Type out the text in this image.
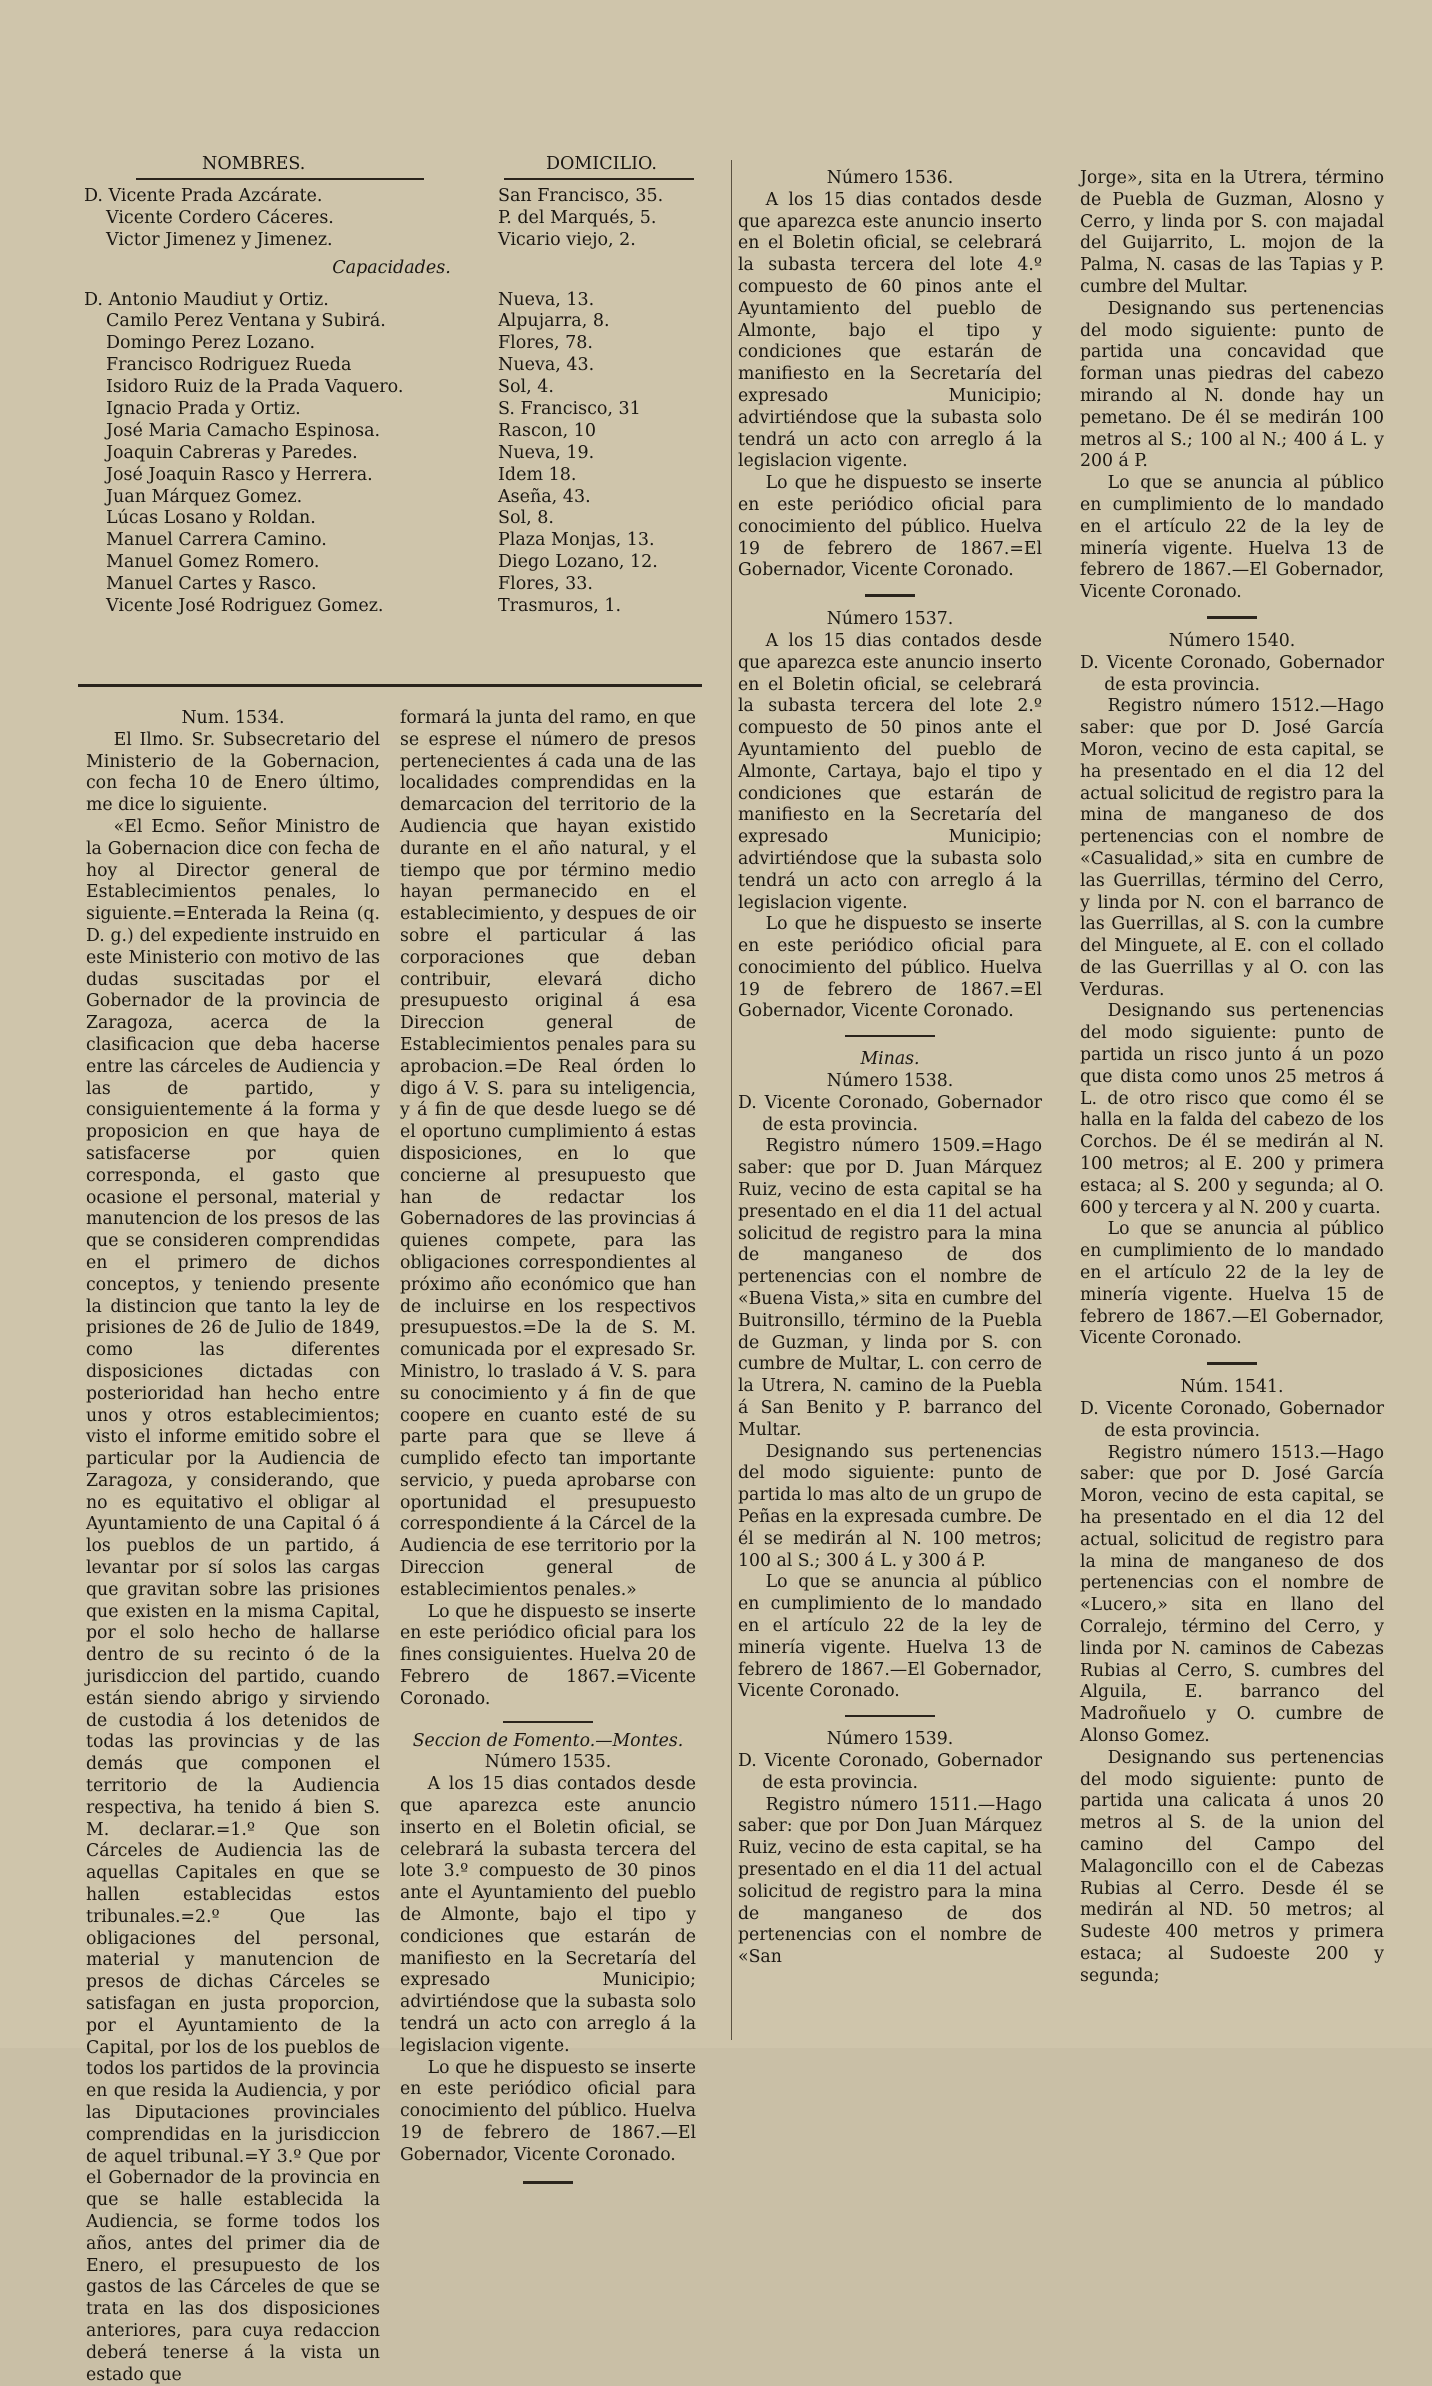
NOMBRES.	DOMICILIO.
D. Vicente Prada Azcárate.	San Francisco, 35.
Vicente Cordero Cáceres.	P. del Marqués, 5.
Victor Jimenez y Jimenez.	Vicario viejo, 2.
Capacidades.
D. Antonio Maudiut y Ortiz.	Nueva, 13.
Camilo Perez Ventana y Subirá.	Alpujarra, 8.
Domingo Perez Lozano.	Flores, 78.
Francisco Rodriguez Rueda	Nueva, 43.
Isidoro Ruiz de la Prada Vaquero.	Sol, 4.
Ignacio Prada y Ortiz.	S. Francisco, 31
José Maria Camacho Espinosa.	Rascon, 10
Joaquin Cabreras y Paredes.	Nueva, 19.
José Joaquin Rasco y Herrera.	Idem 18.
Juan Márquez Gomez.	Aseña, 43.
Lúcas Losano y Roldan.	Sol, 8.
Manuel Carrera Camino.	Plaza Monjas, 13.
Manuel Gomez Romero.	Diego Lozano, 12.
Manuel Cartes y Rasco.	Flores, 33.
Vicente José Rodriguez Gomez.	Trasmuros, 1.

Num. 1534.

El Ilmo. Sr. Subsecretario del Ministerio de la Gobernacion, con fecha 10 de Enero último, me dice lo siguiente.

«El Ecmo. Señor Ministro de la Gobernacion dice con fecha de hoy al Director general de Establecimientos penales, lo siguiente.=Enterada la Reina (q. D. g.) del expediente instruido en este Ministerio con motivo de las dudas suscitadas por el Gobernador de la provincia de Zaragoza, acerca de la clasificacion que deba hacerse entre las cárceles de Audiencia y las de partido, y consiguientemente á la forma y proposicion en que haya de satisfacerse por quien corresponda, el gasto que ocasione el personal, material y manutencion de los presos de las que se consideren comprendidas en el primero de dichos conceptos, y teniendo presente la distincion que tanto la ley de prisiones de 26 de Julio de 1849, como las diferentes disposiciones dictadas con posterioridad han hecho entre unos y otros establecimientos; visto el informe emitido sobre el particular por la Audiencia de Zaragoza, y considerando, que no es equitativo el obligar al Ayuntamiento de una Capital ó á los pueblos de un partido, á levantar por sí solos las cargas que gravitan sobre las prisiones que existen en la misma Capital, por el solo hecho de hallarse dentro de su recinto ó de la jurisdiccion del partido, cuando están siendo abrigo y sirviendo de custodia á los detenidos de todas las provincias y de las demás que componen el territorio de la Audiencia respectiva, ha tenido á bien S. M. declarar.=1.º Que son Cárceles de Audiencia las de aquellas Capitales en que se hallen establecidas estos tribunales.=2.º Que las obligaciones del personal, material y manutencion de presos de dichas Cárceles se satisfagan en justa proporcion, por el Ayuntamiento de la Capital, por los de los pueblos de todos los partidos de la provincia en que resida la Audiencia, y por las Diputaciones provinciales comprendidas en la jurisdiccion de aquel tribunal.=Y 3.º Que por el Gobernador de la provincia en que se halle establecida la Audiencia, se forme todos los años, antes del primer dia de Enero, el presupuesto de los gastos de las Cárceles de que se trata en las dos disposiciones anteriores, para cuya redaccion deberá tenerse á la vista un estado que

formará la junta del ramo, en que se esprese el número de presos pertenecientes á cada una de las localidades comprendidas en la demarcacion del territorio de la Audiencia que hayan existido durante en el año natural, y el tiempo que por término medio hayan permanecido en el establecimiento, y despues de oir sobre el particular á las corporaciones que deban contribuir, elevará dicho presupuesto original á esa Direccion general de Establecimientos penales para su aprobacion.=De Real órden lo digo á V. S. para su inteligencia, y á fin de que desde luego se dé el oportuno cumplimiento á estas disposiciones, en lo que concierne al presupuesto que han de redactar los Gobernadores de las provincias á quienes compete, para las obligaciones correspondientes al próximo año económico que han de incluirse en los respectivos presupuestos.=De la de S. M. comunicada por el expresado Sr. Ministro, lo traslado á V. S. para su conocimiento y á fin de que coopere en cuanto esté de su parte para que se lleve á cumplido efecto tan importante servicio, y pueda aprobarse con oportunidad el presupuesto correspondiente á la Cárcel de la Audiencia de ese territorio por la Direccion general de establecimientos penales.»

Lo que he dispuesto se inserte en este periódico oficial para los fines consiguientes. Huelva 20 de Febrero de 1867.=Vicente Coronado.

Seccion de Fomento.—Montes.

Número 1535.

A los 15 dias contados desde que aparezca este anuncio inserto en el Boletin oficial, se celebrará la subasta tercera del lote 3.º compuesto de 30 pinos ante el Ayuntamiento del pueblo de Almonte, bajo el tipo y condiciones que estarán de manifiesto en la Secretaría del expresado Municipio; advirtiéndose que la subasta solo tendrá un acto con arreglo á la legislacion vigente.

Lo que he dispuesto se inserte en este periódico oficial para conocimiento del público. Huelva 19 de febrero de 1867.—El Gobernador, Vicente Coronado.

Número 1536.

A los 15 dias contados desde que aparezca este anuncio inserto en el Boletin oficial, se celebrará la subasta tercera del lote 4.º compuesto de 60 pinos ante el Ayuntamiento del pueblo de Almonte, bajo el tipo y condiciones que estarán de manifiesto en la Secretaría del expresado Municipio; advirtiéndose que la subasta solo tendrá un acto con arreglo á la legislacion vigente.

Lo que he dispuesto se inserte en este periódico oficial para conocimiento del público. Huelva 19 de febrero de 1867.=El Gobernador, Vicente Coronado.

Número 1537.

A los 15 dias contados desde que aparezca este anuncio inserto en el Boletin oficial, se celebrará la subasta tercera del lote 2.º compuesto de 50 pinos ante el Ayuntamiento del pueblo de Almonte, Cartaya, bajo el tipo y condiciones que estarán de manifiesto en la Secretaría del expresado Municipio; advirtiéndose que la subasta solo tendrá un acto con arreglo á la legislacion vigente.

Lo que he dispuesto se inserte en este periódico oficial para conocimiento del público. Huelva 19 de febrero de 1867.=El Gobernador, Vicente Coronado.

Minas.

Número 1538.

D. Vicente Coronado, Gobernador de esta provincia.

Registro número 1509.=Hago saber: que por D. Juan Márquez Ruiz, vecino de esta capital se ha presentado en el dia 11 del actual solicitud de registro para la mina de manganeso de dos pertenencias con el nombre de «Buena Vista,» sita en cumbre del Buitronsillo, término de la Puebla de Guzman, y linda por S. con cumbre de Multar, L. con cerro de la Utrera, N. camino de la Puebla á San Benito y P. barranco del Multar.

Designando sus pertenencias del modo siguiente: punto de partida lo mas alto de un grupo de Peñas en la expresada cumbre. De él se medirán al N. 100 metros; 100 al S.; 300 á L. y 300 á P.

Lo que se anuncia al público en cumplimiento de lo mandado en el artículo 22 de la ley de minería vigente. Huelva 13 de febrero de 1867.—El Gobernador, Vicente Coronado.

Número 1539.

D. Vicente Coronado, Gobernador de esta provincia.

Registro número 1511.—Hago saber: que por Don Juan Márquez Ruiz, vecino de esta capital, se ha presentado en el dia 11 del actual solicitud de registro para la mina de manganeso de dos pertenencias con el nombre de «San

Jorge», sita en la Utrera, término de Puebla de Guzman, Alosno y Cerro, y linda por S. con majadal del Guijarrito, L. mojon de la Palma, N. casas de las Tapias y P. cumbre del Multar.

Designando sus pertenencias del modo siguiente: punto de partida una concavidad que forman unas piedras del cabezo mirando al N. donde hay un pemetano. De él se medirán 100 metros al S.; 100 al N.; 400 á L. y 200 á P.

Lo que se anuncia al público en cumplimiento de lo mandado en el artículo 22 de la ley de minería vigente. Huelva 13 de febrero de 1867.—El Gobernador, Vicente Coronado.

Número 1540.

D. Vicente Coronado, Gobernador de esta provincia.

Registro número 1512.—Hago saber: que por D. José García Moron, vecino de esta capital, se ha presentado en el dia 12 del actual solicitud de registro para la mina de manganeso de dos pertenencias con el nombre de «Casualidad,» sita en cumbre de las Guerrillas, término del Cerro, y linda por N. con el barranco de las Guerrillas, al S. con la cumbre del Minguete, al E. con el collado de las Guerrillas y al O. con las Verduras.

Designando sus pertenencias del modo siguiente: punto de partida un risco junto á un pozo que dista como unos 25 metros á L. de otro risco que como él se halla en la falda del cabezo de los Corchos. De él se medirán al N. 100 metros; al E. 200 y primera estaca; al S. 200 y segunda; al O. 600 y tercera y al N. 200 y cuarta.

Lo que se anuncia al público en cumplimiento de lo mandado en el artículo 22 de la ley de minería vigente. Huelva 15 de febrero de 1867.—El Gobernador, Vicente Coronado.

Núm. 1541.

D. Vicente Coronado, Gobernador de esta provincia.

Registro número 1513.—Hago saber: que por D. José García Moron, vecino de esta capital, se ha presentado en el dia 12 del actual, solicitud de registro para la mina de manganeso de dos pertenencias con el nombre de «Lucero,» sita en llano del Corralejo, término del Cerro, y linda por N. caminos de Cabezas Rubias al Cerro, S. cumbres del Alguila, E. barranco del Madroñuelo y O. cumbre de Alonso Gomez.

Designando sus pertenencias del modo siguiente: punto de partida una calicata á unos 20 metros al S. de la union del camino del Campo del Malagoncillo con el de Cabezas Rubias al Cerro. Desde él se medirán al ND. 50 metros; al Sudeste 400 metros y primera estaca; al Sudoeste 200 y segunda;
